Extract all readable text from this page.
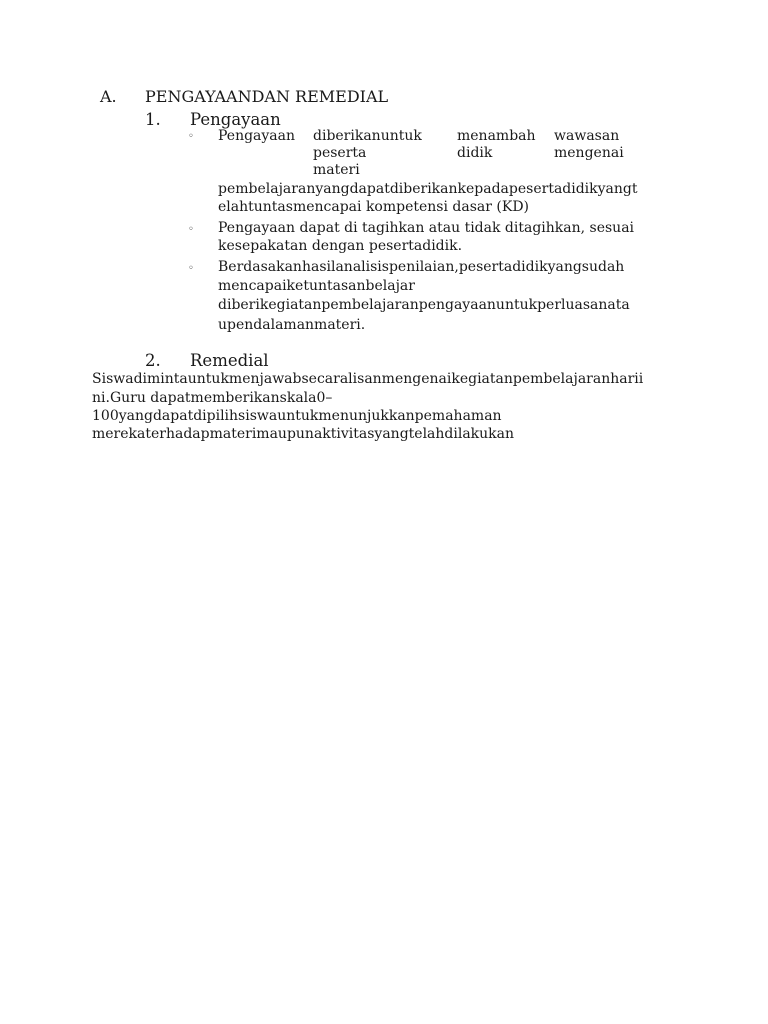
A. PENGAYAANDAN REMEDIAL
1. Pengayaan
◦ Pengayaan diberikanuntuk
peserta
materi
menambah
didik
wawasan
mengenai
pembelajaranyangdapatdiberikankepadapesertadidikyangt
elahtuntasmencapai kompetensi dasar (KD)
◦ Pengayaan dapat di tagihkan atau tidak ditagihkan, sesuai
kesepakatan dengan pesertadidik.
◦ Berdasakanhasilanalisispenilaian,pesertadidikyangsudah
mencapaiketuntasanbelajar
diberikegiatanpembelajaranpengayaanuntukperluasanata
upendalamanmateri.
2. Remedial
Siswadimintauntukmenjawabsecaralisanmengenaikegiatanpembelajaranharii
ni.Guru dapatmemberikanskala0–
100yangdapatdipilihsiswauntukmenunjukkanpemahaman
merekaterhadapmaterimaupunaktivitasyangtelahdilakukan
